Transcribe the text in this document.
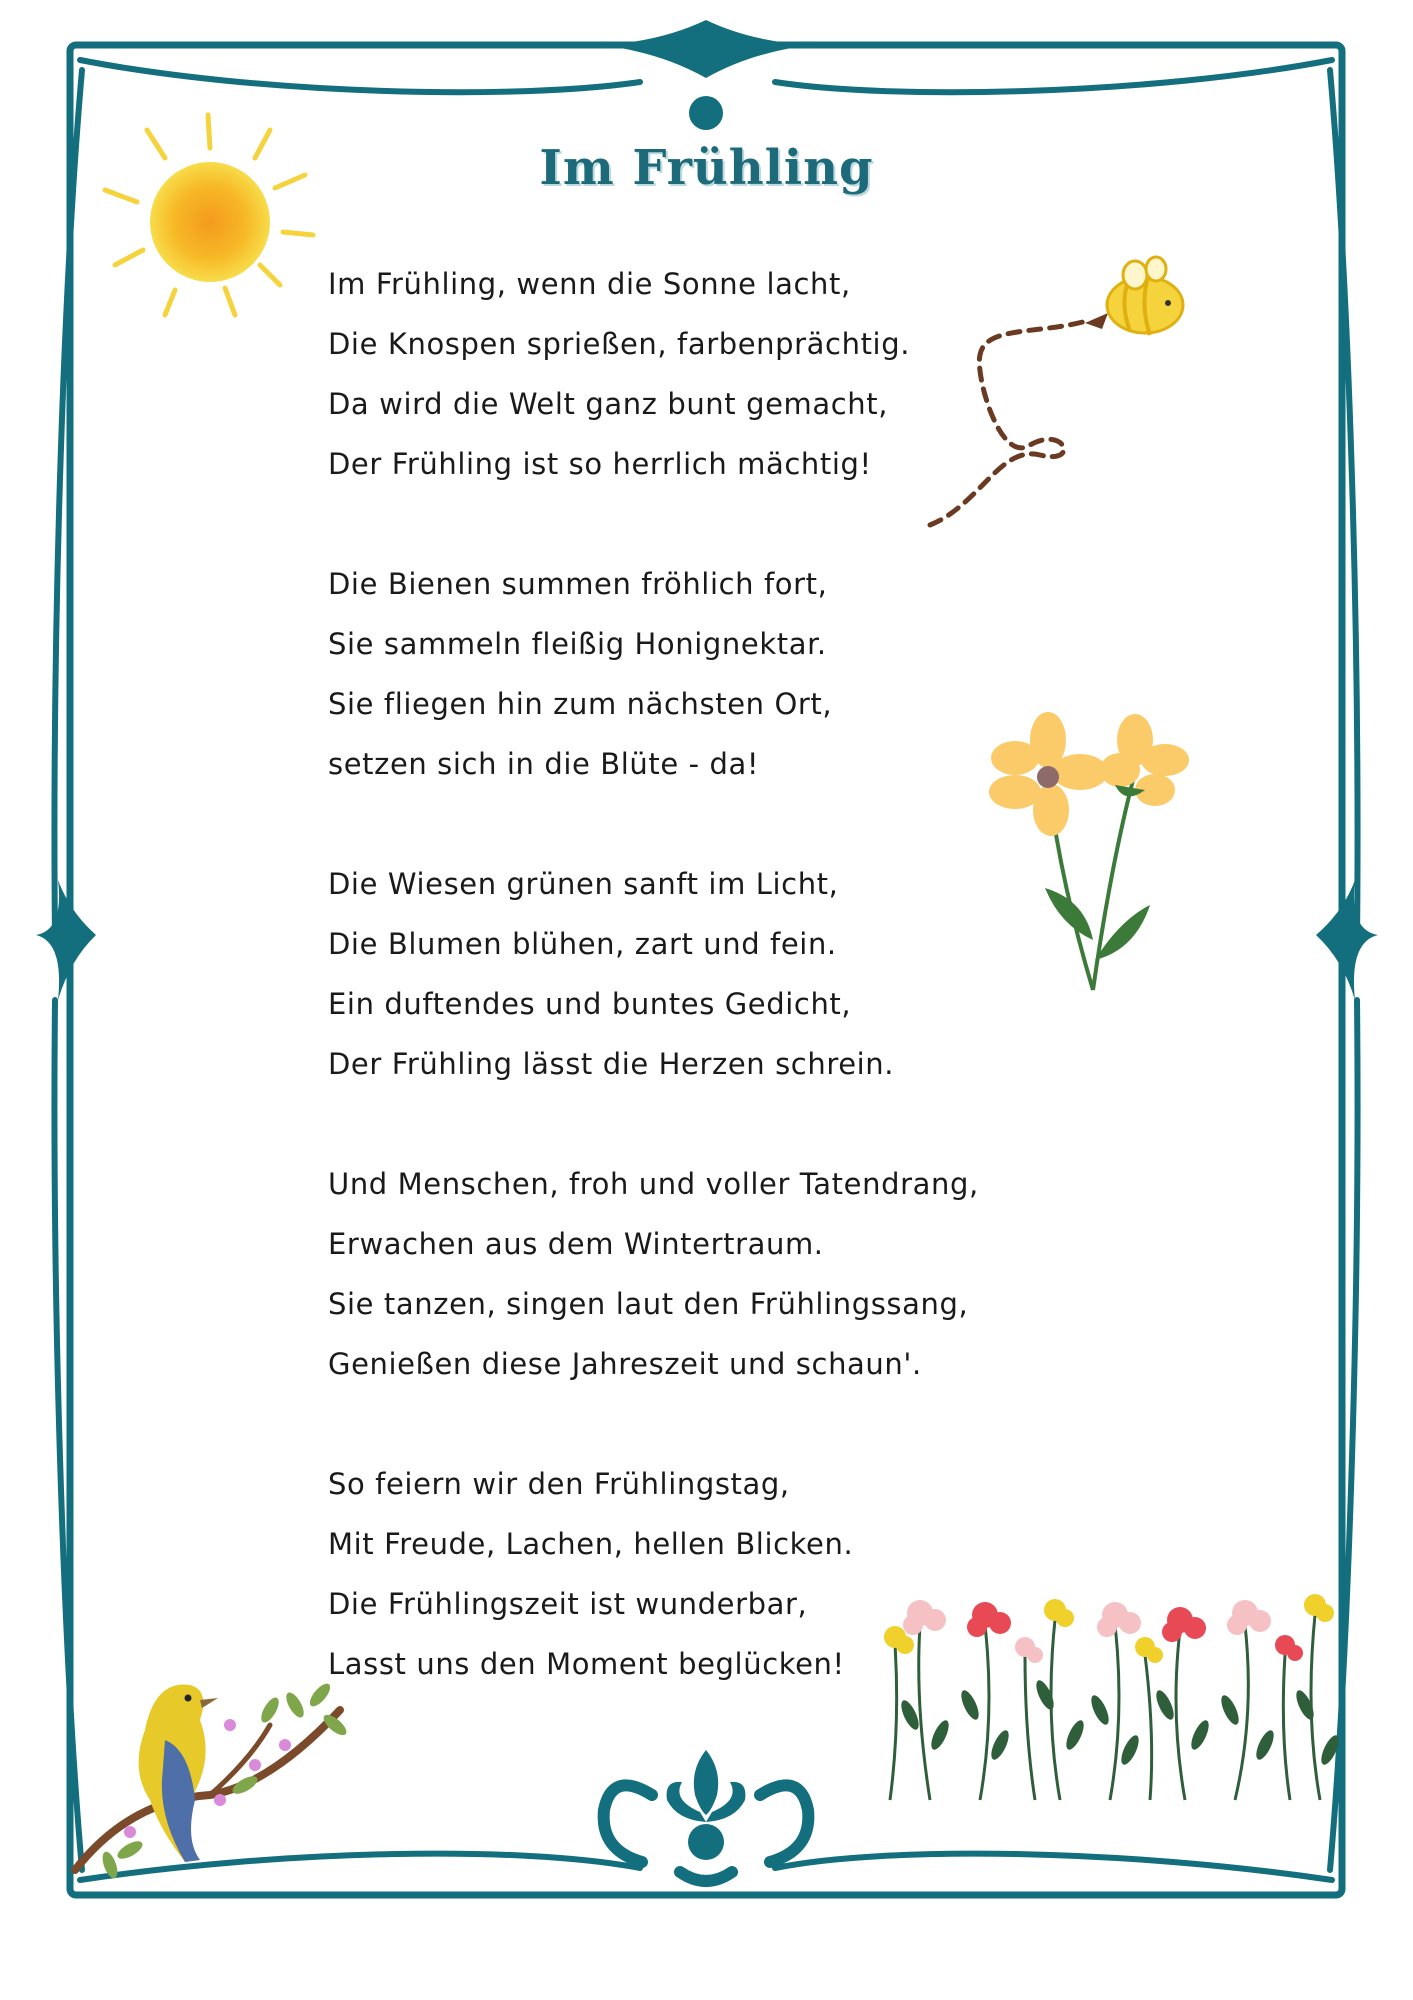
Im Frühling
Im Frühling, wenn die Sonne lacht,
Die Knospen sprießen, farbenprächtig.
Da wird die Welt ganz bunt gemacht,
Der Frühling ist so herrlich mächtig!
Die Bienen summen fröhlich fort,
Sie sammeln fleißig Honignektar.
Sie fliegen hin zum nächsten Ort,
setzen sich in die Blüte - da!
Die Wiesen grünen sanft im Licht,
Die Blumen blühen, zart und fein.
Ein duftendes und buntes Gedicht,
Der Frühling lässt die Herzen schrein.
Und Menschen, froh und voller Tatendrang,
Erwachen aus dem Wintertraum.
Sie tanzen, singen laut den Frühlingssang,
Genießen diese Jahreszeit und schaun'.
So feiern wir den Frühlingstag,
Mit Freude, Lachen, hellen Blicken.
Die Frühlingszeit ist wunderbar,
Lasst uns den Moment beglücken!
